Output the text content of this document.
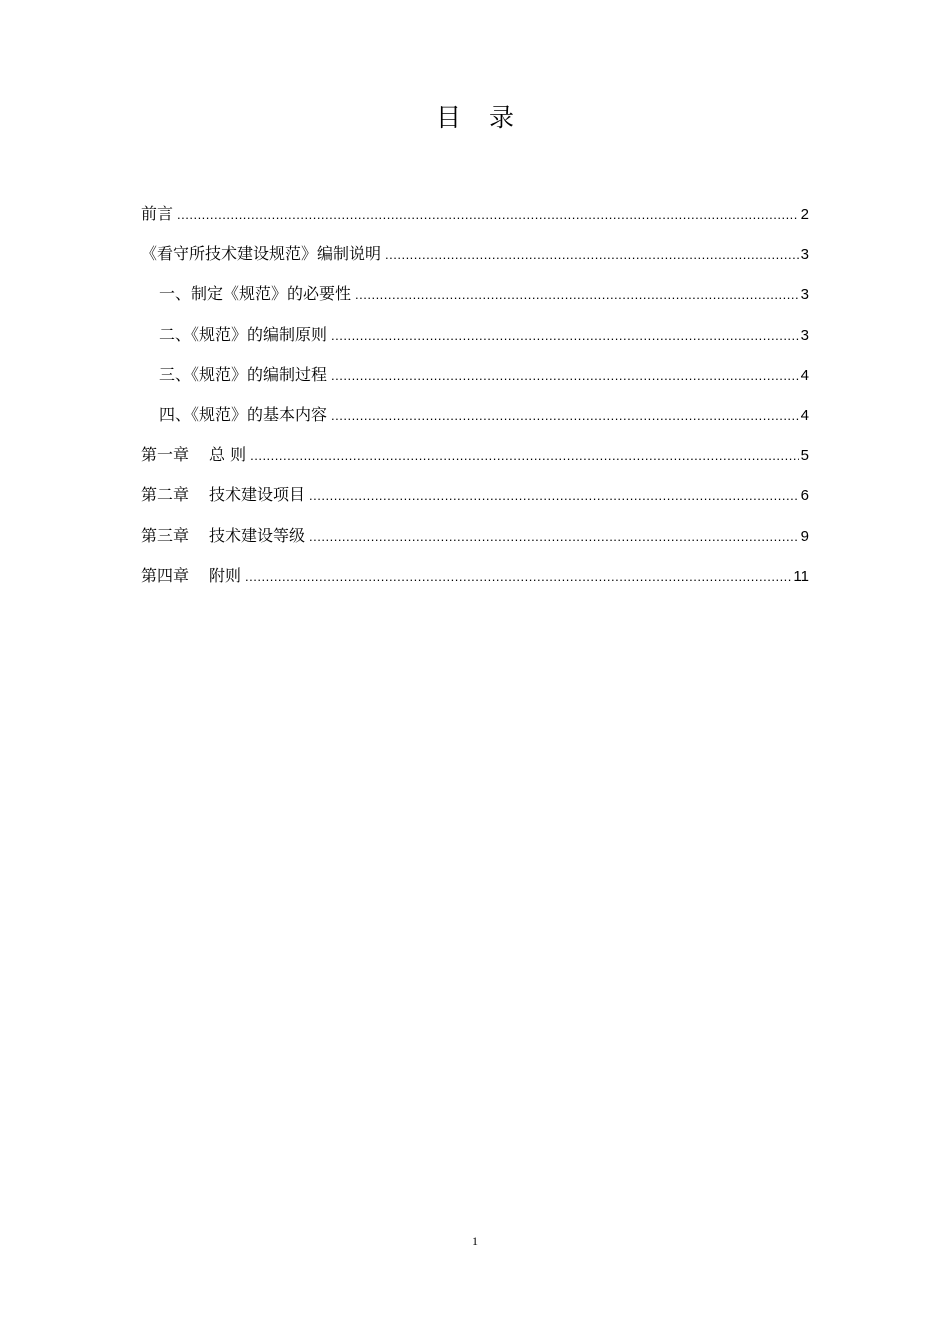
目 录
前言 .....	2
《看守所技术建设规范》编制说明 .....	3
一、制定《规范》的必要性 .....	3
二、《规范》的编制原则 .....	3
三、《规范》的编制过程 .....	4
四、《规范》的基本内容 .....	4
第一章 总 则 .....	5
第二章 技术建设项目 .....	6
第三章 技术建设等级 .....	9
第四章 附则 .....	11
1
